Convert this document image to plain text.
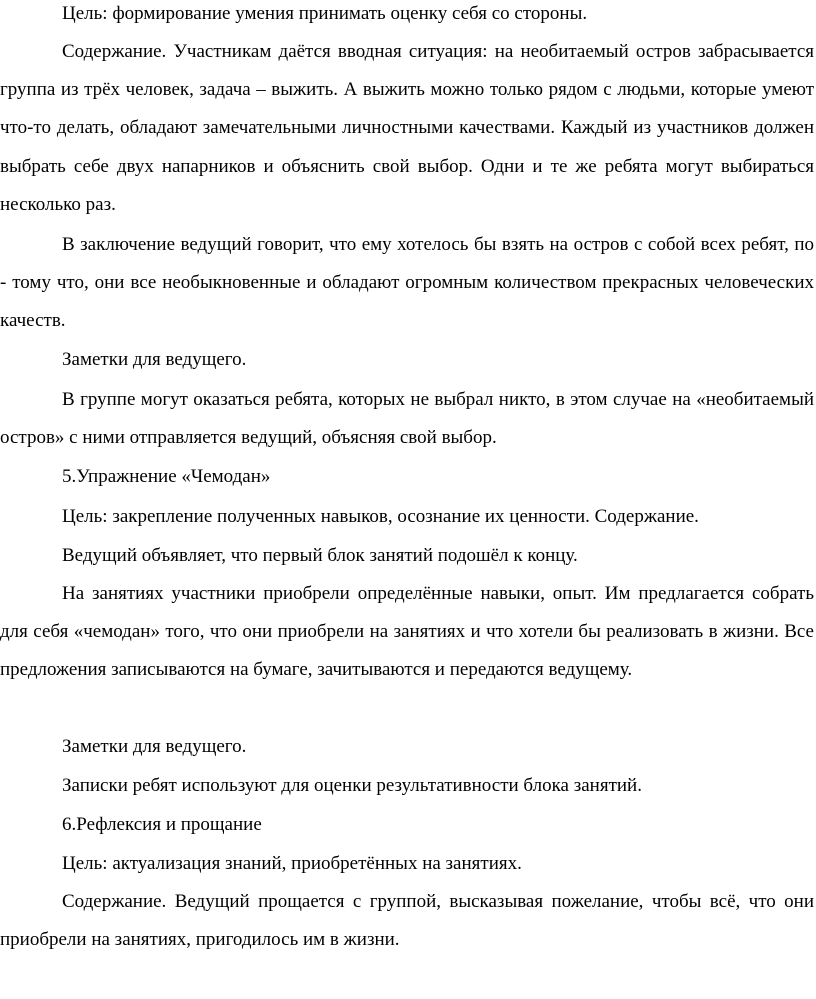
Цель: формирование умения принимать оценку себя со стороны.

Содержание. Участникам даётся вводная ситуация: на необитаемый остров забрасывается группа из трёх человек, задача – выжить. А выжить можно только рядом с людьми, которые умеют что-то делать, обладают замечательными личностными качествами. Каждый из участников должен выбрать себе двух напарников и объяснить свой выбор. Одни и те же ребята могут выбираться несколько раз.

В заключение ведущий говорит, что ему хотелось бы взять на остров с собой всех ребят, по - тому что, они все необыкновенные и обладают огромным количеством прекрасных человеческих качеств.

Заметки для ведущего.

В группе могут оказаться ребята, которых не выбрал никто, в этом случае на «необитаемый остров» с ними отправляется ведущий, объясняя свой выбор.

5.Упражнение «Чемодан»

Цель: закрепление полученных навыков, осознание их ценности. Содержание.

Ведущий объявляет, что первый блок занятий подошёл к концу.

На занятиях участники приобрели определённые навыки, опыт. Им предлагается собрать для себя «чемодан» того, что они приобрели на занятиях и что хотели бы реализовать в жизни. Все предложения записываются на бумаге, зачитываются и передаются ведущему.

Заметки для ведущего.

Записки ребят используют для оценки результативности блока занятий.

6.Рефлексия и прощание

Цель: актуализация знаний, приобретённых на занятиях.

Содержание. Ведущий прощается с группой, высказывая пожелание, чтобы всё, что они приобрели на занятиях, пригодилось им в жизни.
